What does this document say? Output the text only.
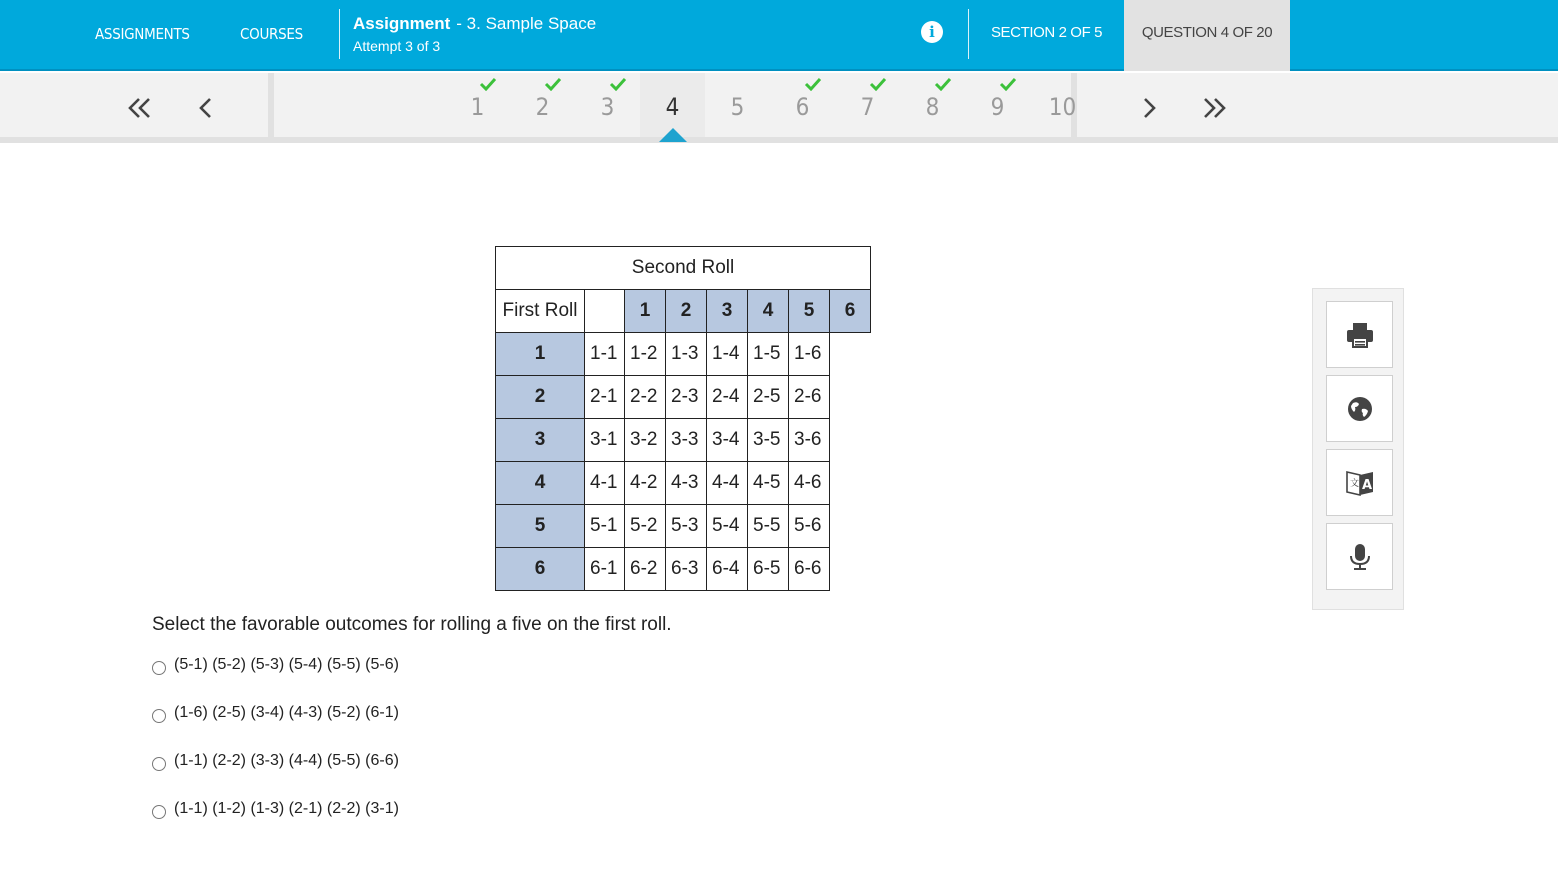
ASSIGNMENTS	COURSES
Assignment - 3. Sample Space
Attempt 3 of 3
i	SECTION 2 OF 5	QUESTION 4 OF 20
1	2	3	4	5	6	7	8	9	10
Second Roll							
First Roll		1	2	3	4	5	6
1	1-1	1-2	1-3	1-4	1-5	1-6	
2	2-1	2-2	2-3	2-4	2-5	2-6	
3	3-1	3-2	3-3	3-4	3-5	3-6	
4	4-1	4-2	4-3	4-4	4-5	4-6	
5	5-1	5-2	5-3	5-4	5-5	5-6	
6	6-1	6-2	6-3	6-4	6-5	6-6	
Select the favorable outcomes for rolling a five on the first roll.
(5-1) (5-2) (5-3) (5-4) (5-5) (5-6)
(1-6) (2-5) (3-4) (4-3) (5-2) (6-1)
(1-1) (2-2) (3-3) (4-4) (5-5) (6-6)
(1-1) (1-2) (1-3) (2-1) (2-2) (3-1)
文 A
